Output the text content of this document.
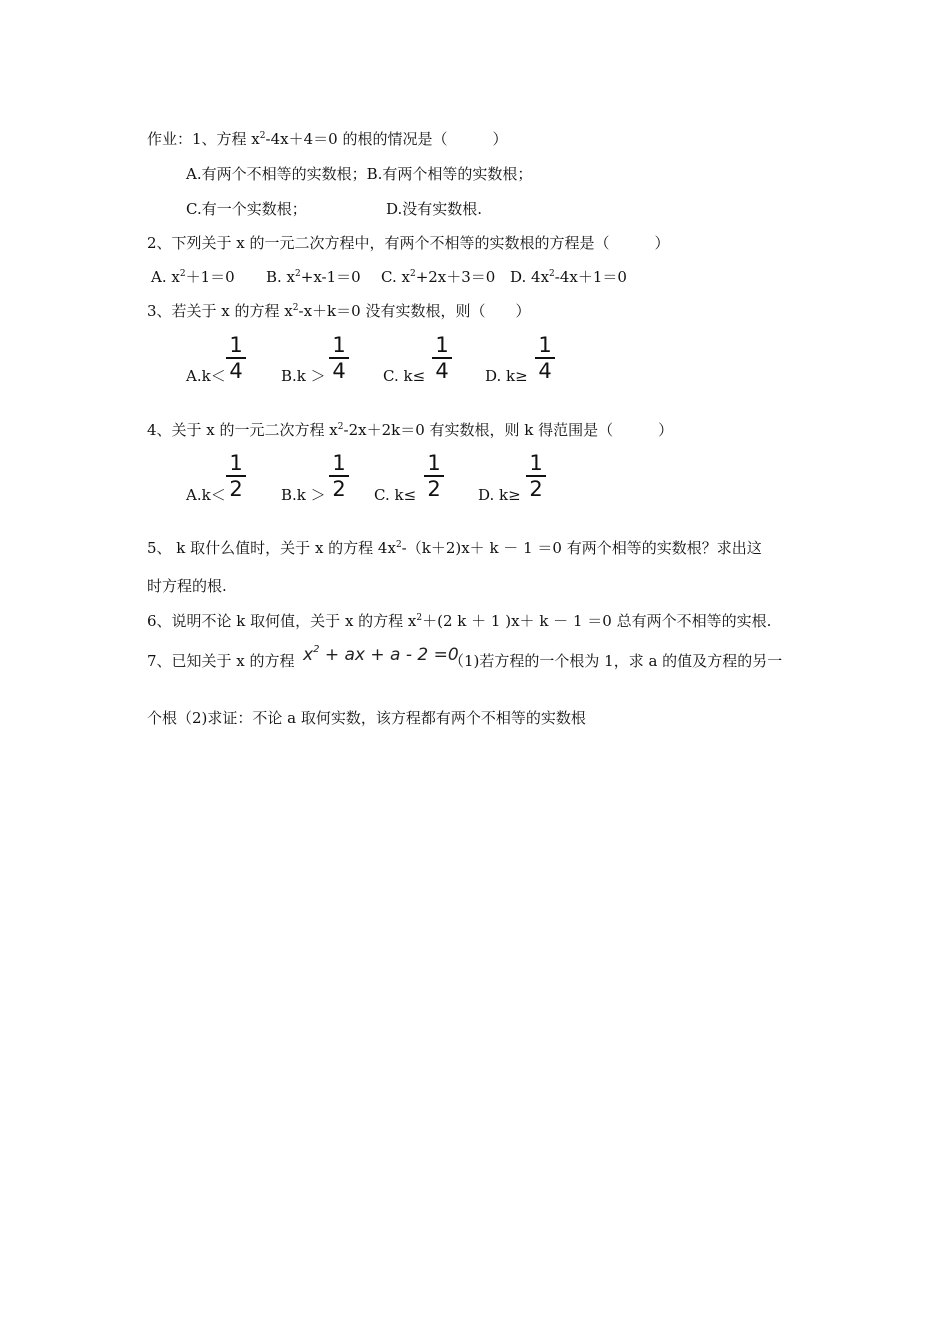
作业：1、方程 $x^2-4x+4=0$ 的根的情况是（　　　）
A.有两个不相等的实数根；B.有两个相等的实数根；
C.有一个实数根；	D.没有实数根.
2、下列关于 x 的一元二次方程中，有两个不相等的实数根的方程是（　　　）
A. $x^2+1=0$ B. $x^2+x-1=0$ C. $x^2+2x+3=0$ D. $4x^2-4x+1=0$
3、若关于 x 的方程 $x^2-x+k=0$ 没有实数根，则（　　）
A.k＜
1
4	B.k ＞
1
4 C. k≤
1
4 D. k≥
1
4
4、关于 x 的一元二次方程 $x^2-2x+2k=0$ 有实数根，则 k 得范围是（　　　）
A.k＜
1
2	B.k ＞
1
2 C. k≤
1
2 D. k≥
1
2
5、 k 取什么值时，关于 x 的方程 $4x^2-(k+2)x+ k - 1 =0$ 有两个相等的实数根？求出这
时方程的根.
6、说明不论 k 取何值，关于 x 的方程 $x^2+(2$ k ＋ 1 )x＋ k － 1 ＝0 总有两个不相等的实根.
7、已知关于 x 的方程 $x^2$ + ax + a - 2 =0
（1)若方程的一个根为 1，求 a 的值及方程的另一
个根（2)求证：不论 a 取何实数，该方程都有两个不相等的实数根
